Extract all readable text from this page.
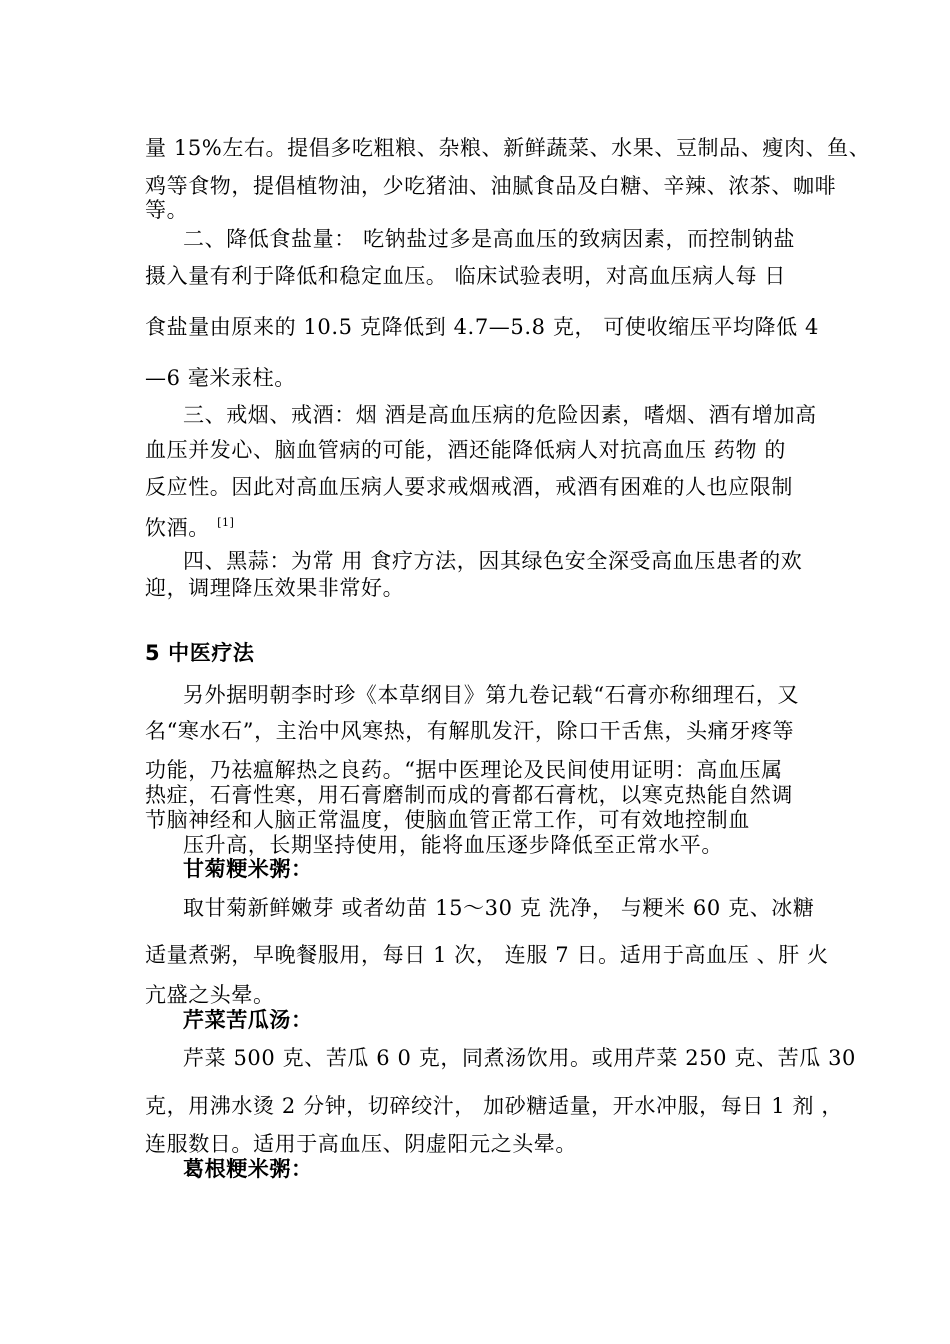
量 15%左右。提倡多吃粗粮、杂粮、新鲜蔬菜、水果、豆制品、瘦肉、鱼、
鸡等食物，提倡植物油，少吃猪油、油腻食品及白糖、辛辣、浓茶、咖啡
等。
二、降低食盐量： 吃钠盐过多是高血压的致病因素，而控制钠盐
摄入量有利于降低和稳定血压。 临床试验表明，对高血压病人每 日
食盐量由原来的 10.5 克降低到 4.7—5.8 克， 可使收缩压平均降低 4
—6 毫米汞柱。
三、戒烟、戒酒：烟 酒是高血压病的危险因素，嗜烟、酒有增加高
血压并发心、脑血管病的可能，酒还能降低病人对抗高血压 药物 的
反应性。因此对高血压病人要求戒烟戒酒，戒酒有困难的人也应限制
饮酒。 [1]
四、黑蒜：为常 用 食疗方法，因其绿色安全深受高血压患者的欢
迎，调理降压效果非常好。
5 中医疗法
另外据明朝李时珍《本草纲目》第九卷记载“石膏亦称细理石，又
名“寒水石”，主治中风寒热，有解肌发汗，除口干舌焦，头痛牙疼等
功能，乃祛瘟解热之良药。“据中医理论及民间使用证明：高血压属
热症，石膏性寒，用石膏磨制而成的膏都石膏枕，以寒克热能自然调
节脑神经和人脑正常温度，使脑血管正常工作，可有效地控制血
压升高，长期坚持使用，能将血压逐步降低至正常水平。
甘菊粳米粥：
取甘菊新鲜嫩芽 或者幼苗 15～30 克 洗净， 与粳米 60 克、冰糖
适量煮粥，早晚餐服用，每日 1 次， 连服 7 日。适用于高血压 、肝 火
亢盛之头晕。
芹菜苦瓜汤：
芹菜 500 克、苦瓜 6 0 克，同煮汤饮用。或用芹菜 250 克、苦瓜 30
克，用沸水烫 2 分钟，切碎绞汁， 加砂糖适量，开水冲服，每日 1 剂 ，
连服数日。适用于高血压、阴虚阳元之头晕。
葛根粳米粥：
